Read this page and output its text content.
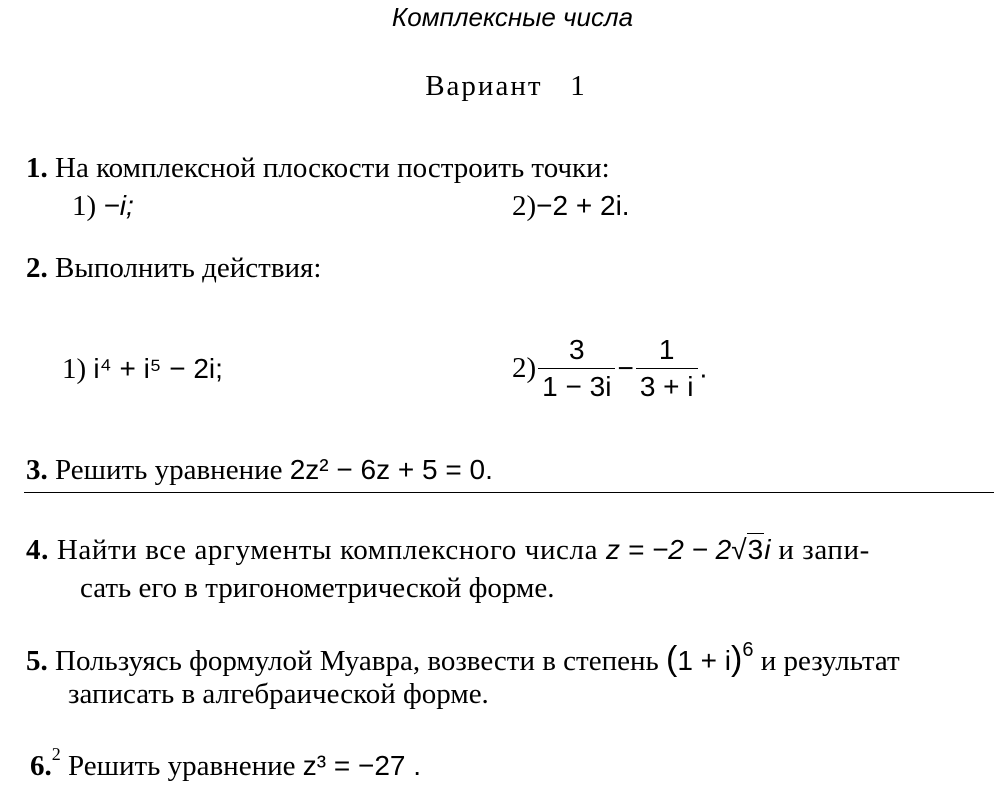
Комплексные числа
Вариант   1
1. На комплексной плоскости построить точки:
1) −i;	2)−2 + 2i.
2. Выполнить действия:
1) i⁴ + i⁵ − 2i;	$2) \frac{3}{1 - 3i} - \frac{1}{3 + i}$ .
3. Решить уравнение 2z² − 6z + 5 = 0.
4. Найти все аргументы комплексного числа z = −2 − 2√3i и запи-
сать его в тригонометрической форме.
5. Пользуясь формулой Муавра, возвести в степень $(1 + i)^6$ и результат
записать в алгебраической форме.
6.$^2$ Решить уравнение z³ = −27 .
